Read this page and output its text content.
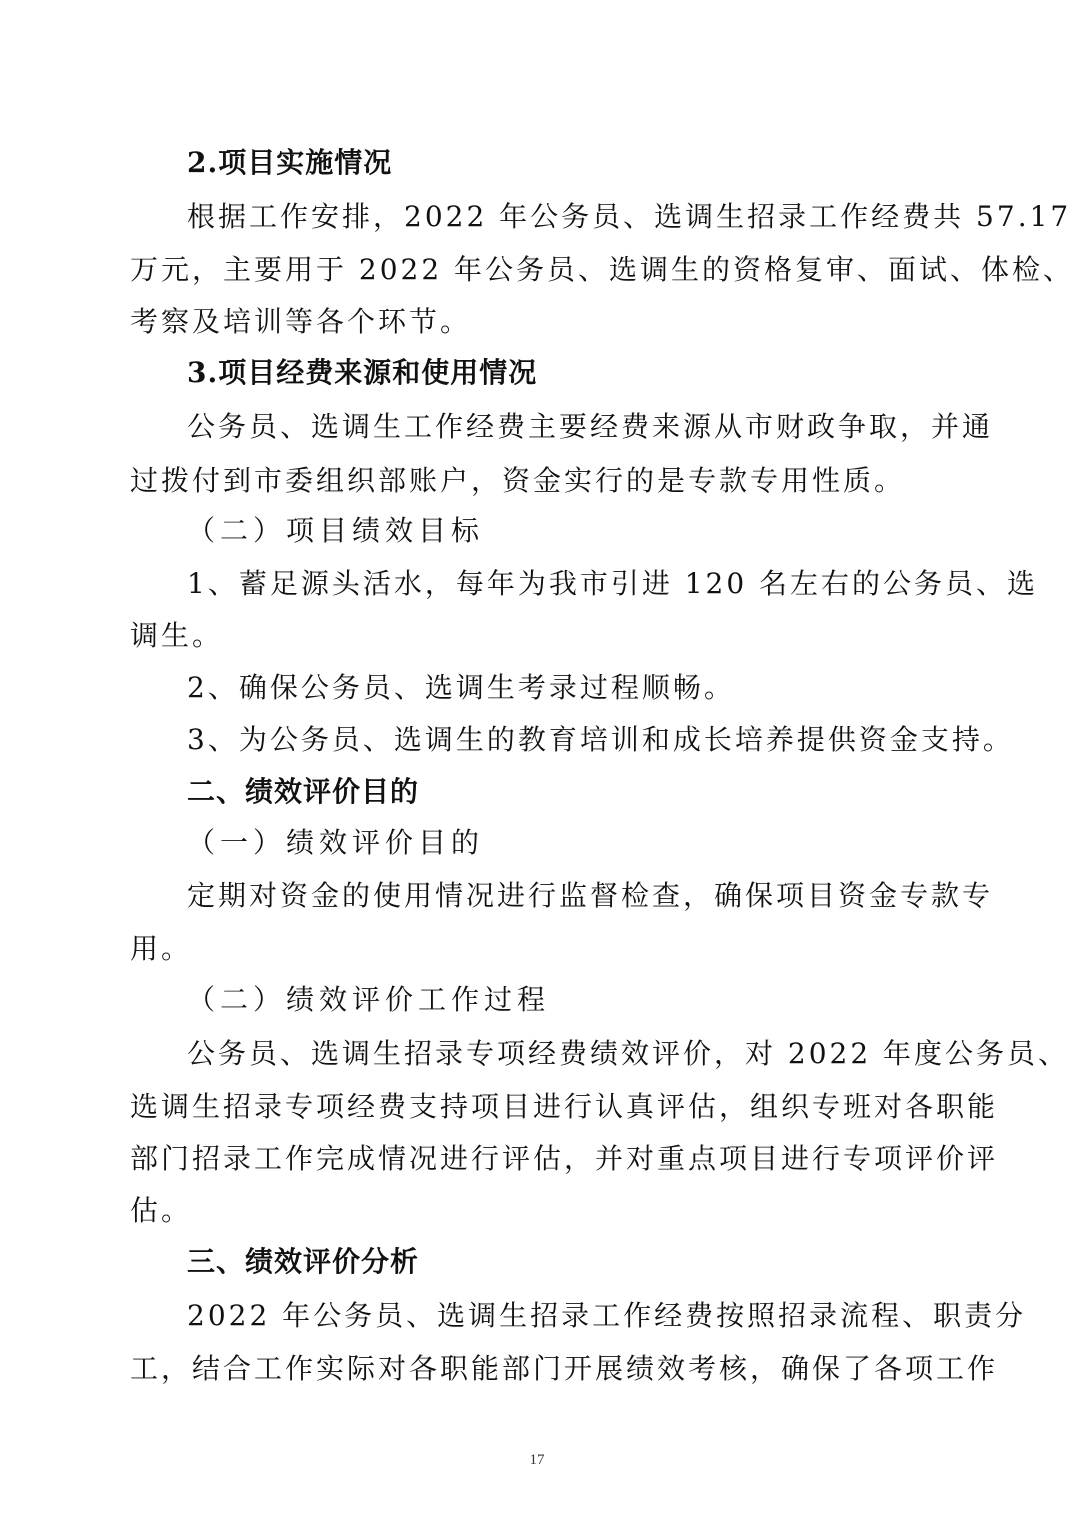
2.项目实施情况
根据工作安排，2022 年公务员、选调生招录工作经费共 57.17
万元，主要用于 2022 年公务员、选调生的资格复审、面试、体检、
考察及培训等各个环节。
3.项目经费来源和使用情况
公务员、选调生工作经费主要经费来源从市财政争取，并通
过拨付到市委组织部账户，资金实行的是专款专用性质。
（二）项目绩效目标
1、蓄足源头活水，每年为我市引进 120 名左右的公务员、选
调生。
2、确保公务员、选调生考录过程顺畅。
3、为公务员、选调生的教育培训和成长培养提供资金支持。
二、绩效评价目的
（一）绩效评价目的
定期对资金的使用情况进行监督检查，确保项目资金专款专
用。
（二）绩效评价工作过程
公务员、选调生招录专项经费绩效评价，对 2022 年度公务员、
选调生招录专项经费支持项目进行认真评估，组织专班对各职能
部门招录工作完成情况进行评估，并对重点项目进行专项评价评
估。
三、绩效评价分析
2022 年公务员、选调生招录工作经费按照招录流程、职责分
工，结合工作实际对各职能部门开展绩效考核，确保了各项工作
17
